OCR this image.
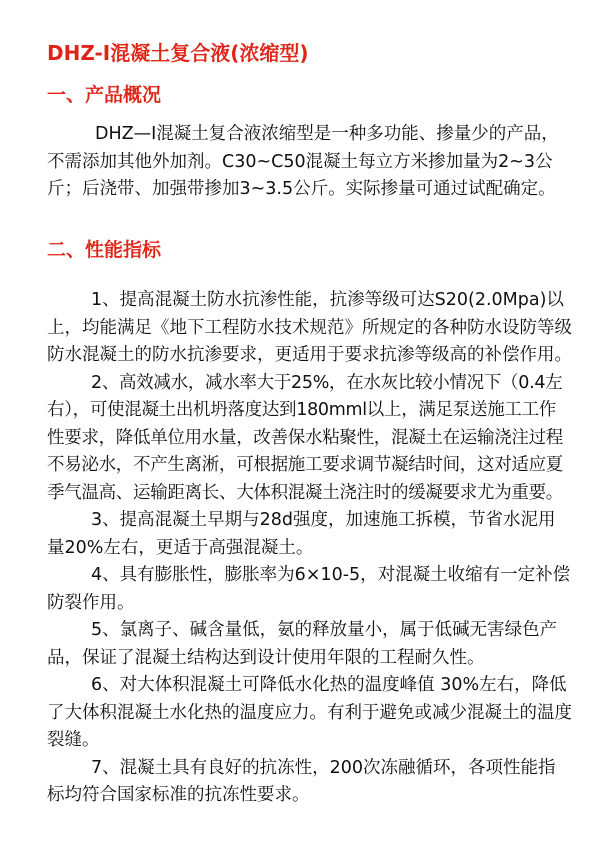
DHZ-I混凝土复合液(浓缩型)
一、产品概况

DHZ—Ⅰ混凝土复合液浓缩型是一种多功能、掺量少的产品，不需添加其他外加剂。C30~C50混凝土每立方米掺加量为2~3公斤；后浇带、加强带掺加3~3.5公斤。实际掺量可通过试配确定。

二、性能指标

1、提高混凝土防水抗渗性能，抗渗等级可达S20(2.0Mpa)以上，均能满足《地下工程防水技术规范》所规定的各种防水设防等级防水混凝土的防水抗渗要求，更适用于要求抗渗等级高的补偿作用。

2、高效减水，减水率大于25%，在水灰比较小情况下（0.4左右），可使混凝土出机坍落度达到180mml以上，满足泵送施工工作性要求，降低单位用水量，改善保水粘聚性，混凝土在运输浇注过程不易泌水，不产生离淅，可根据施工要求调节凝结时间，这对适应夏季气温高、运输距离长、大体积混凝土浇注时的缓凝要求尤为重要。

3、提高混凝土早期与28d强度，加速施工拆模，节省水泥用量20%左右，更适于高强混凝土。

4、具有膨胀性，膨胀率为6×10-5，对混凝土收缩有一定补偿防裂作用。

5、氯离子、碱含量低，氨的释放量小，属于低碱无害绿色产品，保证了混凝土结构达到设计使用年限的工程耐久性。

6、对大体积混凝土可降低水化热的温度峰值 30%左右，降低了大体积混凝土水化热的温度应力。有利于避免或减少混凝土的温度裂缝。

7、混凝土具有良好的抗冻性，200次冻融循环，各项性能指标均符合国家标准的抗冻性要求。
